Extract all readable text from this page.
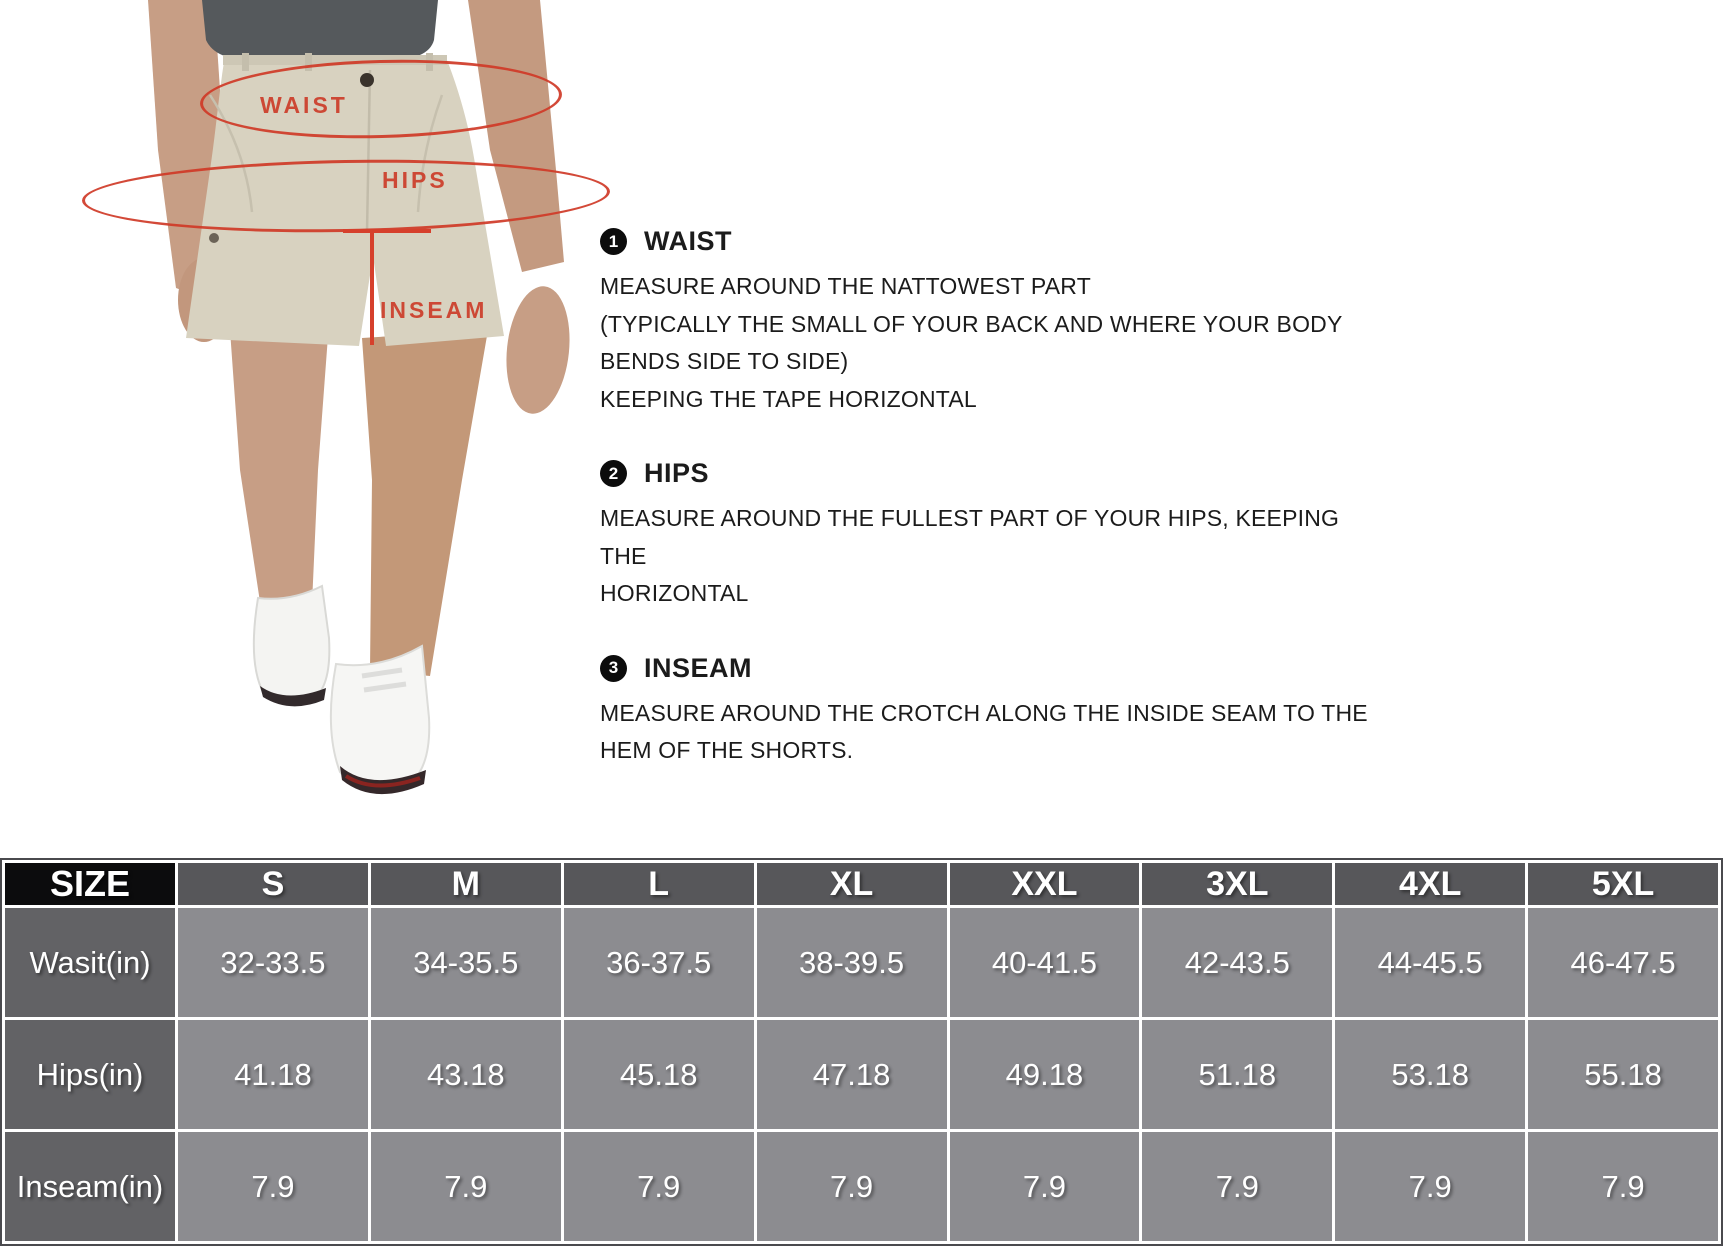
WAIST
HIPS
INSEAM
1 WAIST

MEASURE AROUND THE NATTOWEST PART

(TYPICALLY THE SMALL OF YOUR BACK AND WHERE YOUR BODY

BENDS SIDE TO SIDE)

KEEPING THE TAPE HORIZONTAL

2 HIPS

MEASURE AROUND THE FULLEST PART OF YOUR HIPS, KEEPING THE

HORIZONTAL

3 INSEAM

MEASURE AROUND THE CROTCH ALONG THE INSIDE SEAM TO THE

HEM OF THE SHORTS.

SIZE	S	M	L	XL	XXL	3XL	4XL	5XL
Wasit(in)	32-33.5	34-35.5	36-37.5	38-39.5	40-41.5	42-43.5	44-45.5	46-47.5
Hips(in)	41.18	43.18	45.18	47.18	49.18	51.18	53.18	55.18
Inseam(in)	7.9	7.9	7.9	7.9	7.9	7.9	7.9	7.9
